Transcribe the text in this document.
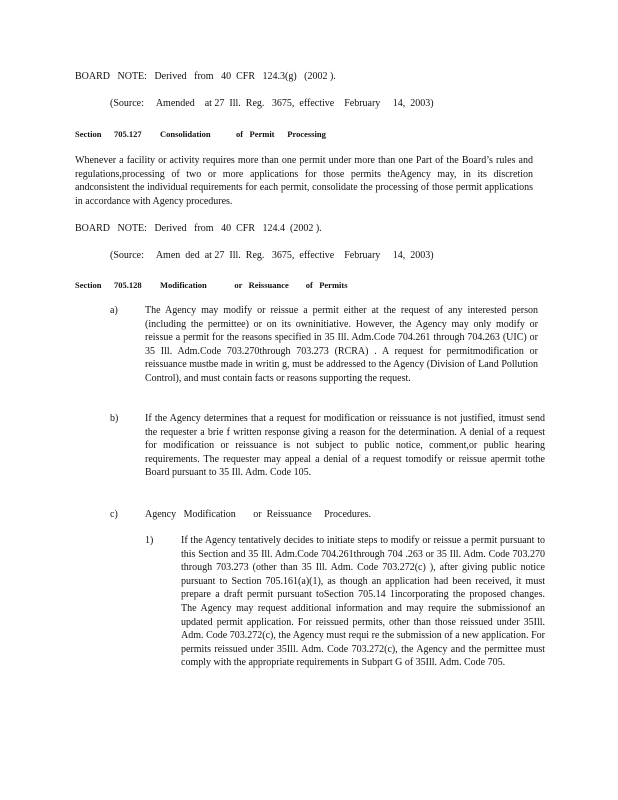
BOARD   NOTE:   Derived   from   40  CFR   124.3(g)   (2002 ).
(Source:     Amended    at 27  Ill.  Reg.   3675,  effective    February     14,  2003)
Section 705.127 Consolidation            of   Permit      Processing
Whenever a facility or activity requires more than one permit under more than one Part of the Board’s rules and regulations,processing of two or more applications for those permits theAgency may, in its discretion andconsistent the individual requirements for each permit, consolidate the processing of those permit applications in accordance with Agency procedures.
BOARD   NOTE:   Derived   from   40  CFR   124.4  (2002 ).
(Source:     Amen  ded  at 27  Ill.  Reg.   3675,  effective    February     14,  2003)
Section 705.128 Modification             or   Reissuance        of   Permits
a)	The Agency may modify or reissue a permit either at the request of any interested person (including the permittee) or on its owninitiative. However, the Agency may only modify or reissue a permit for the reasons specified in 35 Ill. Adm.Code 704.261 through 704.263 (UIC) or 35 Ill. Adm.Code 703.270through 703.273 (RCRA) . A request for permitmodification or reissuance mustbe made in writin g, must be addressed to the Agency (Division of Land Pollution Control), and must contain facts or reasons supporting the request.
b)	If the Agency determines that a request for modification or reissuance is not justified, itmust send the requester a brie f written response giving a reason for the determination. A denial of a request for modification or reissuance is not subject to public notice, comment,or public hearing requirements. The requester may appeal a denial of a request tomodify or reissue apermit tothe Board pursuant to 35 Ill. Adm. Code 105.
c)	Agency   Modification       or  Reissuance     Procedures.
1)	If the Agency tentatively decides to initiate steps to modify or reissue a permit pursuant to this Section and 35 Ill. Adm.Code 704.261through 704 .263 or 35 Ill. Adm. Code 703.270 through 703.273 (other than 35 Ill. Adm. Code 703.272(c) ), after giving public notice pursuant to Section 705.161(a)(1), as though an application had been received, it must prepare a draft permit pursuant toSection 705.14 1incorporating the proposed changes. The Agency may request additional information and may require the submissionof an updated permit application. For reissued permits, other than those reissued under 35Ill. Adm. Code 703.272(c), the Agency must requi re the submission of a new application. For permits reissued under 35Ill. Adm. Code 703.272(c), the Agency and the permittee must comply with the appropriate requirements in Subpart G of 35Ill. Adm. Code 705.
